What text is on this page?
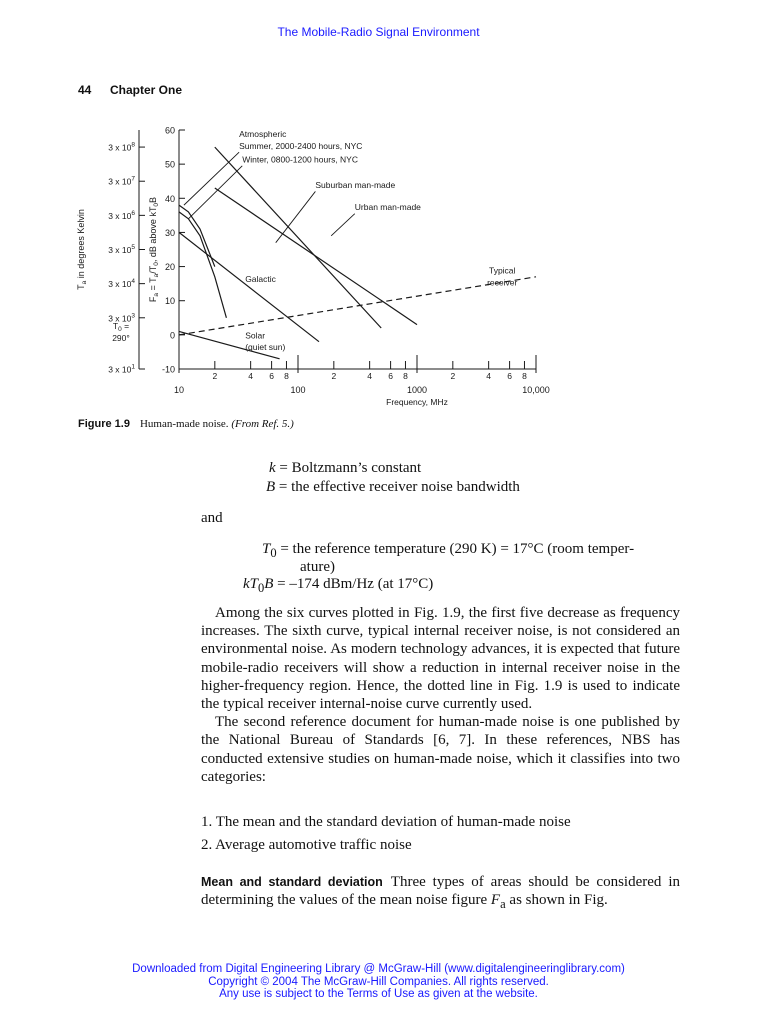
The Mobile-Radio Signal Environment
44 Chapter One
60
50
40
30
20
10
0
-10
3 x $10^8$
3 x $10^7$
3 x $10^6$
3 x $10^5$
3 x $10^4$
3 x $10^3$
3 x $10^1$
$T_0$ =
290°
$T_a$ in degrees Kelvin
$F_a = T_a/T_0$, dB above $kT_0B$
10	100	1000	10,000
2	4 6 8	2	4 6 8	2	4 6 8
Frequency, MHz
Atmospheric
Summer, 2000-2400 hours, NYC
Winter, 0800-1200 hours, NYC
Suburban man-made
Urban man-made
Galactic
Solar
(quiet sun)
Typical
receiver
Figure 1.9 Human-made noise. (From Ref. 5.)
k = Boltzmann’s constant
B = the effective receiver noise bandwidth
and
$T_0$ = the reference temperature (290 K) = 17°C (room temper-
ature)
$kT_0B = -174$ dBm/Hz (at 17°C)

Among the six curves plotted in Fig. 1.9, the first five decrease as frequency increases. The sixth curve, typical internal receiver noise, is not considered an environmental noise. As modern technology advances, it is expected that future mobile-radio receivers will show a reduction in internal receiver noise in the higher-frequency region. Hence, the dotted line in Fig. 1.9 is used to indicate the typical receiver internal-noise curve currently used.

The second reference document for human-made noise is one published by the National Bureau of Standards [6, 7]. In these references, NBS has conducted extensive studies on human-made noise, which it classifies into two categories:

1. The mean and the standard deviation of human-made noise
2. Average automotive traffic noise
Mean and standard deviation Three types of areas should be considered in determining the values of the mean noise figure $F_a$ as shown in Fig.
Downloaded from Digital Engineering Library @ McGraw-Hill (www.digitalengineeringlibrary.com)
Copyright © 2004 The McGraw-Hill Companies. All rights reserved.
Any use is subject to the Terms of Use as given at the website.
